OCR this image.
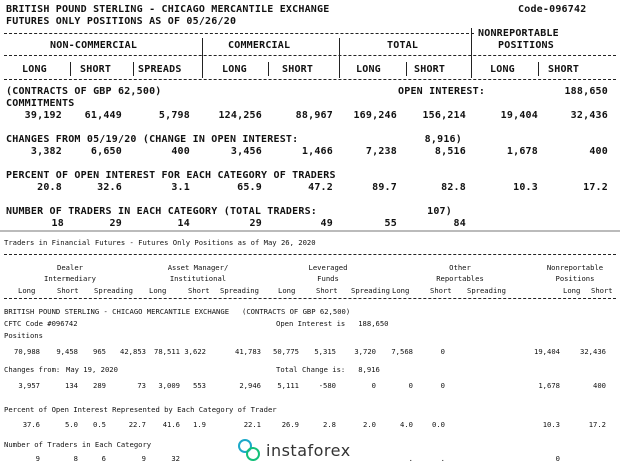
BRITISH POUND STERLING - CHICAGO MERCANTILE EXCHANGE	Code-096742
FUTURES ONLY POSITIONS AS OF 05/26/20
NONREPORTABLE
POSITIONS
NON-COMMERCIAL	COMMERCIAL	TOTAL
LONG	SHORT	SPREADS	LONG	SHORT	LONG	SHORT	LONG	SHORT
(CONTRACTS OF GBP 62,500)	OPEN INTEREST:	188,650
COMMITMENTS
39,192	61,449	5,798	124,256	88,967	169,246	156,214	19,404	32,436
CHANGES FROM 05/19/20 (CHANGE IN OPEN INTEREST:	8,916)
3,382	6,650	400	3,456	1,466	7,238	8,516	1,678	400
PERCENT OF OPEN INTEREST FOR EACH CATEGORY OF TRADERS
20.8	32.6	3.1	65.9	47.2	89.7	82.8	10.3	17.2
NUMBER OF TRADERS IN EACH CATEGORY (TOTAL TRADERS:	107)
18	29	14	29	49	55	84
Traders in Financial Futures - Futures Only Positions as of May 26, 2020
Dealer
Intermediary
Asset Manager/
Institutional
Leveraged
Funds
Other
Reportables
Nonreportable
Positions
Long	Short Spreading Long	Short Spreading	Long	Short Spreading Long	Short Spreading	Long Short
BRITISH POUND STERLING - CHICAGO MERCANTILE EXCHANGE   (CONTRACTS OF GBP 62,500)
CFTC Code #096742	Open Interest is   188,650
Positions
70,988	9,458	965	42,853	78,511 3,622	41,783	50,775	5,315	3,720	7,568	0	19,404	32,436
Changes from: May 19, 2020	Total Change is:   8,916
3,957	134	289	73	3,009	553	2,946	5,111	-580	0	0	0	1,678	400
Percent of Open Interest Represented by Each Category of Trader
37.6	5.0	0.5	22.7	41.6	1.9	22.1	26.9	2.8	2.0	4.0	0.0	10.3	17.2
Number of Traders in Each Category
9	8	6	9	32	.	.	0
instaforex
